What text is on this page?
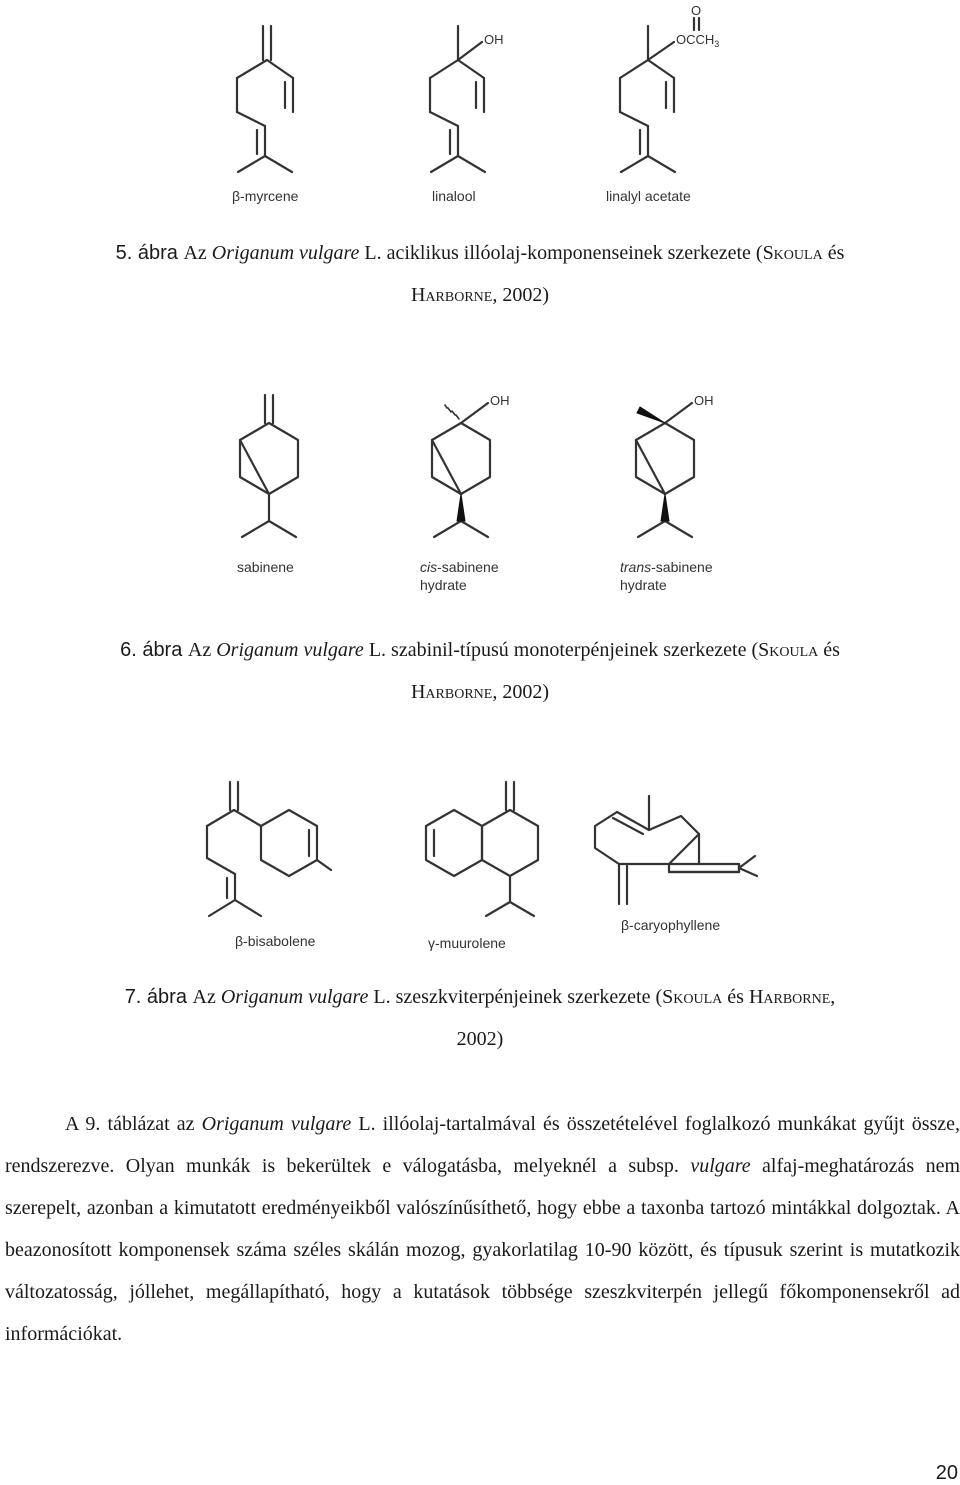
β-myrcene
OH
linalool
O
$OCCH_3$
linalyl acetate
5. ábra Az Origanum vulgare L. aciklikus illóolaj-komponenseinek szerkezete (Skoula és
Harborne, 2002)
sabinene
OH
cis-sabinene
hydrate
OH
trans-sabinene
hydrate
6. ábra Az Origanum vulgare L. szabinil-típusú monoterpénjeinek szerkezete (Skoula és
Harborne, 2002)
β-bisabolene	γ-muurolene
β-caryophyllene
7. ábra Az Origanum vulgare L. szeszkviterpénjeinek szerkezete (Skoula és Harborne,
2002)
A 9. táblázat az Origanum vulgare L. illóolaj-tartalmával és összetételével foglalkozó munkákat gyűjt össze, rendszerezve. Olyan munkák is bekerültek e válogatásba, melyeknél a subsp. vulgare alfaj-meghatározás nem szerepelt, azonban a kimutatott eredményeikből valószínűsíthető, hogy ebbe a taxonba tartozó mintákkal dolgoztak. A beazonosított komponensek száma széles skálán mozog, gyakorlatilag 10-90 között, és típusuk szerint is mutatkozik változatosság, jóllehet, megállapítható, hogy a kutatások többsége szeszkviterpén jellegű főkomponensekről ad információkat.
20
